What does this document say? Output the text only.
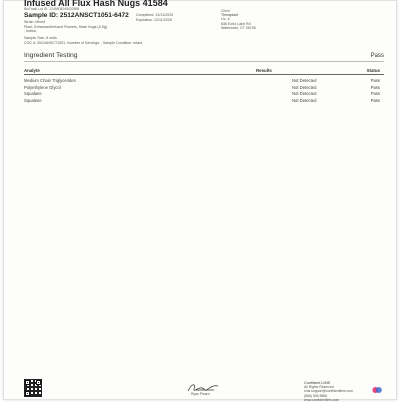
Infused All Flux Hash Nugs 41584
BioTrack Lot ID: 2248508045432896
Sample ID: 2512ANSCT1051-6472
Strain: Mixed
Plant, Enhanced/Infused Flowers, Hash Nugs (3.5g)
, Indica,
Sample Size: 8 units
COC #: 2512ANSCT1051, Number of Servings: , Sample Condition: Intact,
Completed: 12/11/2025
Expiration: 12/11/2026
Client
Theraplant
Lic. #
836 Echo Lake Rd
Watertown, CT 06795
Ingredient Testing	Pass
Analyte	Results	Status
Medium Chain Triglycerides	Not Detected	Pass
Polyethylene Glycol	Not Detected	Pass
Squalane	Not Detected	Pass
Squalene	Not Detected	Pass
Ryan Picard
Confident LIMS
All Rights Reserved
cms.support@confidentlims.com
(866) 506-5866
www.confidentlims.com
